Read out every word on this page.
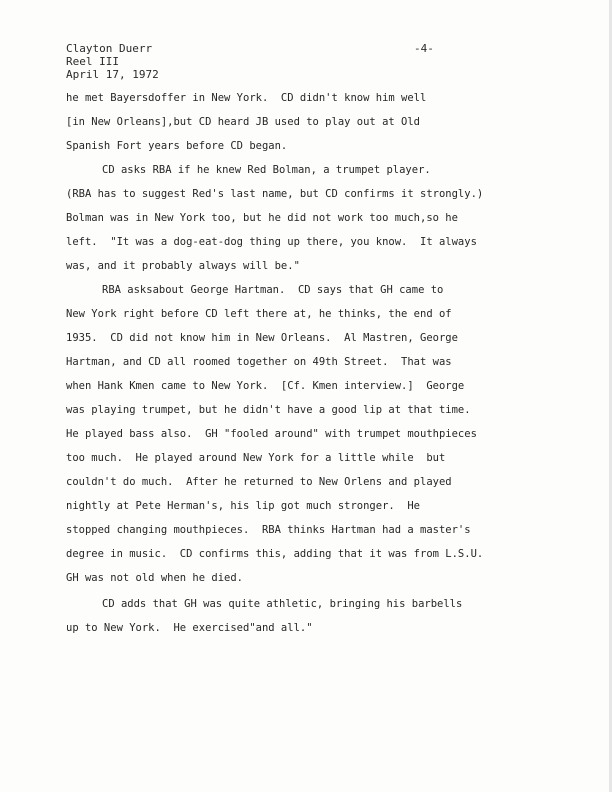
Clayton Duerr
Reel III
April 17, 1972
-4-
he met Bayersdoffer in New York.  CD didn't know him well
[in New Orleans],but CD heard JB used to play out at Old
Spanish Fort years before CD began.
CD asks RBA if he knew Red Bolman, a trumpet player.
(RBA has to suggest Red's last name, but CD confirms it strongly.)
Bolman was in New York too, but he did not work too much,so he
left.  "It was a dog-eat-dog thing up there, you know.  It always
was, and it probably always will be."
RBA asksabout George Hartman.  CD says that GH came to
New York right before CD left there at, he thinks, the end of
1935.  CD did not know him in New Orleans.  Al Mastren, George
Hartman, and CD all roomed together on 49th Street.  That was
when Hank Kmen came to New York.  [Cf. Kmen interview.]  George
was playing trumpet, but he didn't have a good lip at that time.
He played bass also.  GH "fooled around" with trumpet mouthpieces
too much.  He played around New York for a little while  but
couldn't do much.  After he returned to New Orlens and played
nightly at Pete Herman's, his lip got much stronger.  He
stopped changing mouthpieces.  RBA thinks Hartman had a master's
degree in music.  CD confirms this, adding that it was from L.S.U.
GH was not old when he died.
CD adds that GH was quite athletic, bringing his barbells
up to New York.  He exercised"and all."
